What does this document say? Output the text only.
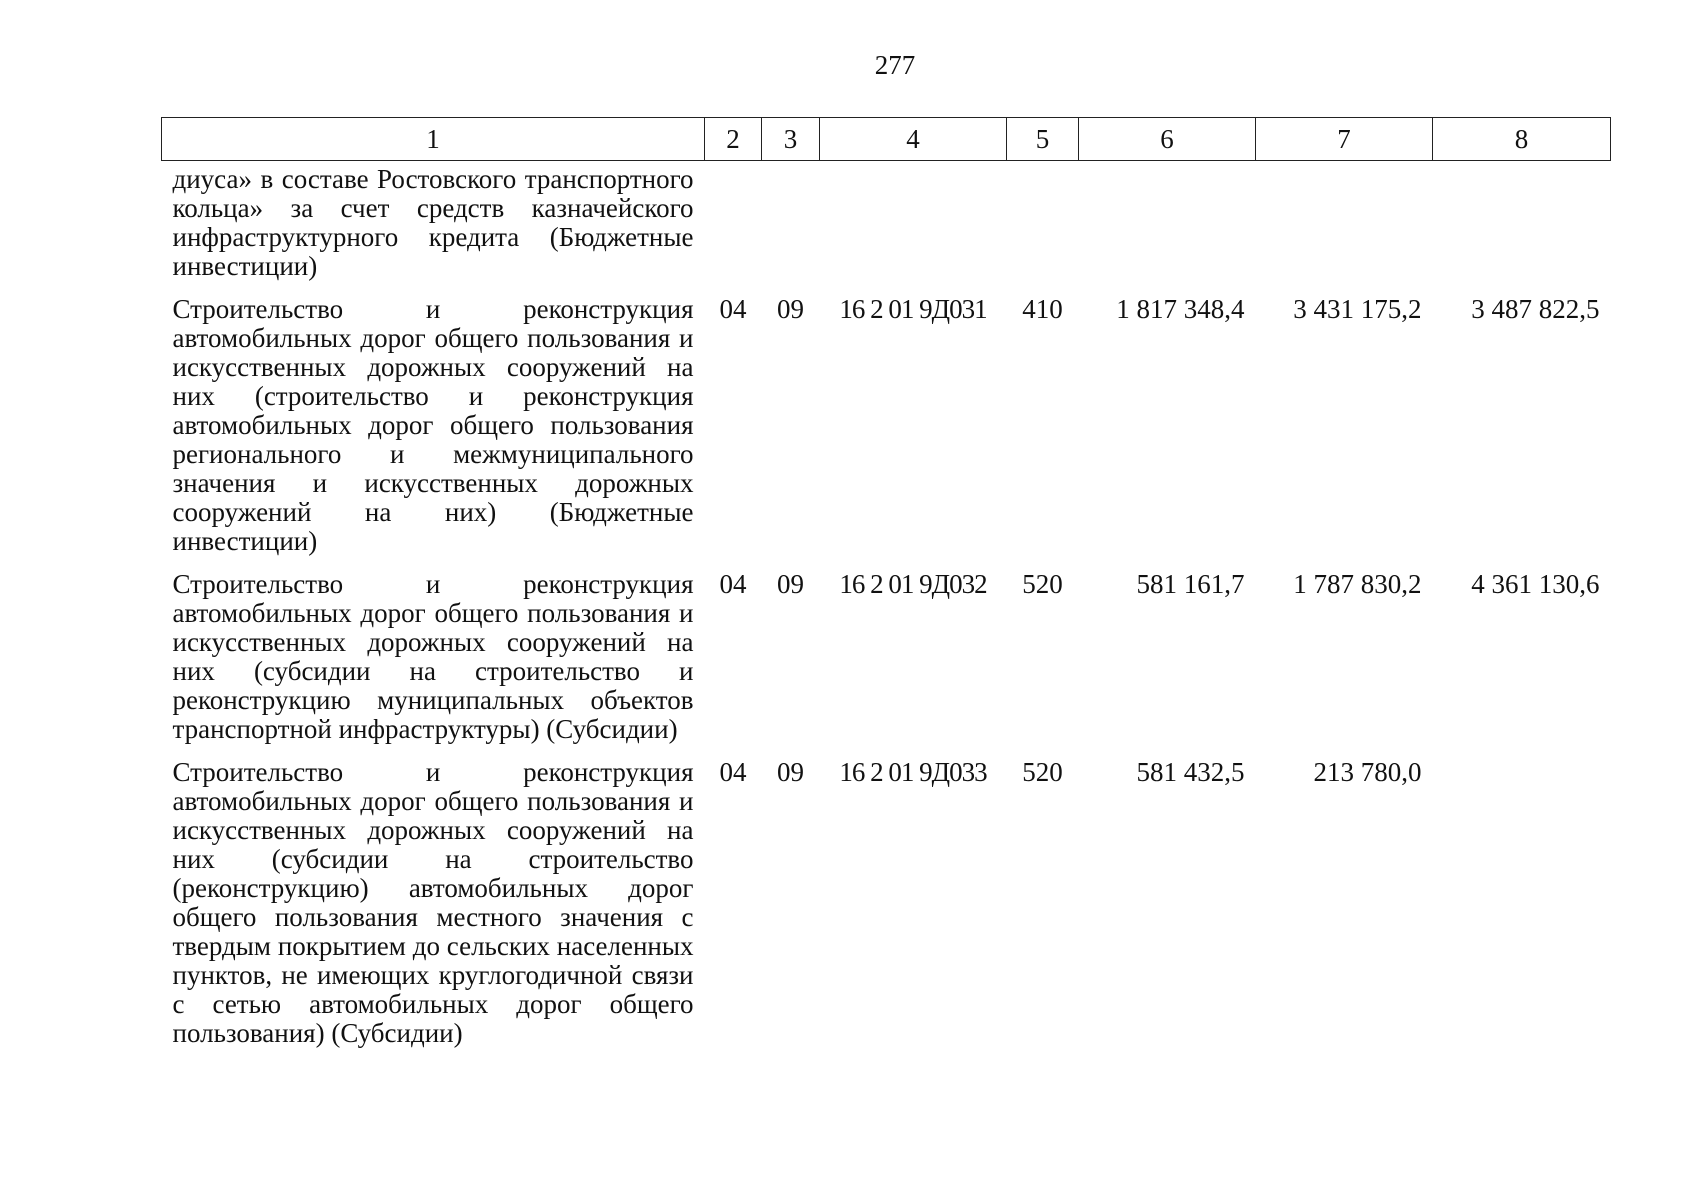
277
1	2	3	4	5	6	7	8
диуса» в составе Ростовского транспортного кольца» за счет средств казначейского инфраструктурного кредита (Бюджетные инвестиции)							
Строительство и реконструкция автомобильных дорог общего пользования и искусственных дорожных сооружений на них (строительство и реконструкция автомобильных дорог общего пользования регионального и межмуниципального значения и искусственных дорожных сооружений на них) (Бюджетные инвестиции)	04	09	16 2 01 9Д031	410	1 817 348,4	3 431 175,2	3 487 822,5
Строительство и реконструкция автомобильных дорог общего пользования и искусственных дорожных сооружений на них (субсидии на строительство и реконструкцию муниципальных объектов транспортной инфраструктуры) (Субсидии)	04	09	16 2 01 9Д032	520	581 161,7	1 787 830,2	4 361 130,6
Строительство и реконструкция автомобильных дорог общего пользования и искусственных дорожных сооружений на них (субсидии на строительство (реконструкцию) автомобильных дорог общего пользования местного значения с твердым покрытием до сельских населенных пунктов, не имеющих круглогодичной связи с сетью автомобильных дорог общего пользования) (Субсидии)	04	09	16 2 01 9Д033	520	581 432,5	213 780,0	
